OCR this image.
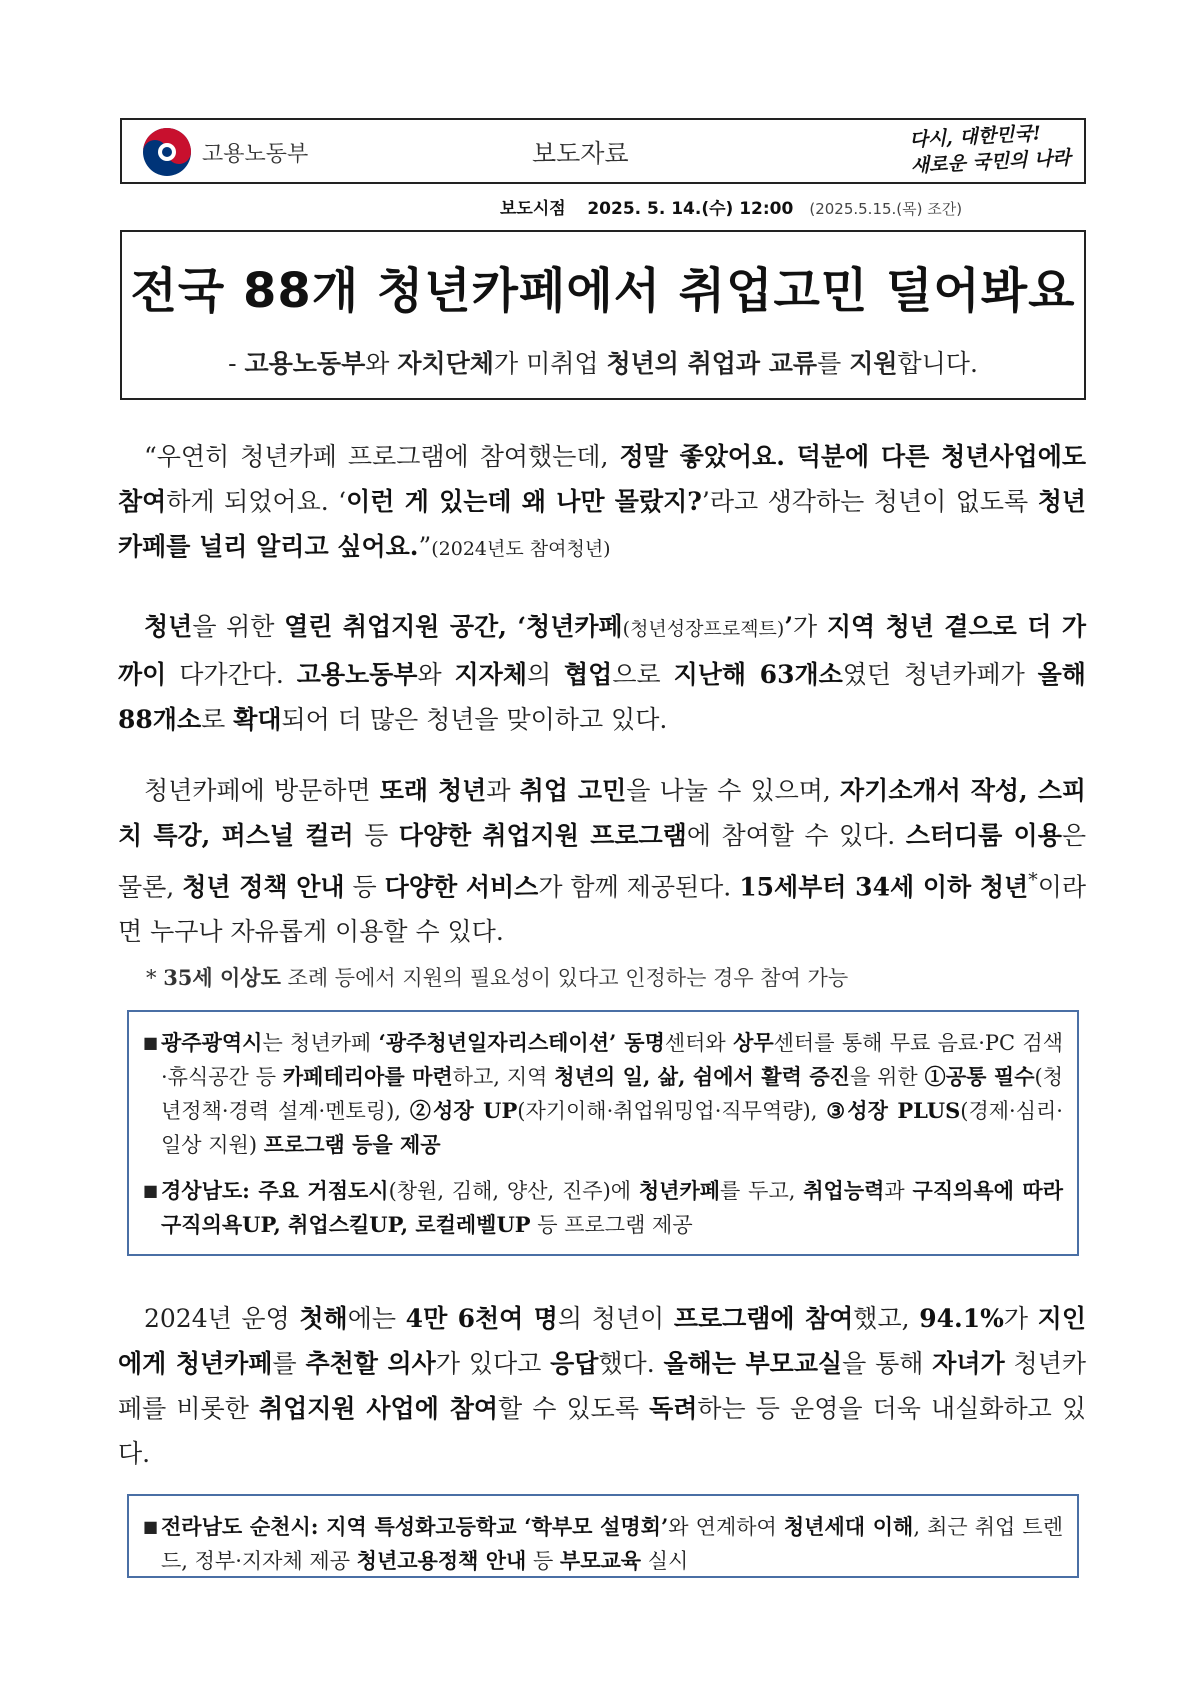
고용노동부	보도자료
다시, 대한민국!
새로운 국민의 나라
보도시점 2025. 5. 14.(수) 12:00 (2025.5.15.(목) 조간)
전국 88개 청년카페에서 취업고민 덜어봐요
- 고용노동부와 자치단체가 미취업 청년의 취업과 교류를 지원합니다.
“우연히 청년카페 프로그램에 참여했는데, 정말 좋았어요. 덕분에 다른 청년사업에도 참여하게 되었어요. ‘이런 게 있는데 왜 나만 몰랐지?’라고 생각하는 청년이 없도록 청년카페를 널리 알리고 싶어요.”(2024년도 참여청년)
청년을 위한 열린 취업지원 공간, ‘청년카페(청년성장프로젝트)’가 지역 청년 곁으로 더 가까이 다가간다. 고용노동부와 지자체의 협업으로 지난해 63개소였던 청년카페가 올해 88개소로 확대되어 더 많은 청년을 맞이하고 있다.
청년카페에 방문하면 또래 청년과 취업 고민을 나눌 수 있으며, 자기소개서 작성, 스피치 특강, 퍼스널 컬러 등 다양한 취업지원 프로그램에 참여할 수 있다. 스터디룸 이용은 물론, 청년 정책 안내 등 다양한 서비스가 함께 제공된다. 15세부터 34세 이하 청년*이라면 누구나 자유롭게 이용할 수 있다.
* 35세 이상도 조례 등에서 지원의 필요성이 있다고 인정하는 경우 참여 가능
■ 광주광역시는 청년카페 ‘광주청년일자리스테이션’ 동명센터와 상무센터를 통해 무료 음료·PC 검색·휴식공간 등 카페테리아를 마련하고, 지역 청년의 일, 삶, 쉼에서 활력 증진을 위한 ①공통 필수(청년정책·경력 설계·멘토링), ②성장 UP(자기이해·취업워밍업·직무역량), ③성장 PLUS(경제·심리·일상 지원) 프로그램 등을 제공
■ 경상남도: 주요 거점도시(창원, 김해, 양산, 진주)에 청년카페를 두고, 취업능력과 구직의욕에 따라 구직의욕UP, 취업스킬UP, 로컬레벨UP 등 프로그램 제공
2024년 운영 첫해에는 4만 6천여 명의 청년이 프로그램에 참여했고, 94.1%가 지인에게 청년카페를 추천할 의사가 있다고 응답했다. 올해는 부모교실을 통해 자녀가 청년카페를 비롯한 취업지원 사업에 참여할 수 있도록 독려하는 등 운영을 더욱 내실화하고 있다.
■ 전라남도 순천시: 지역 특성화고등학교 ‘학부모 설명회’와 연계하여 청년세대 이해, 최근 취업 트렌드, 정부·지자체 제공 청년고용정책 안내 등 부모교육 실시
